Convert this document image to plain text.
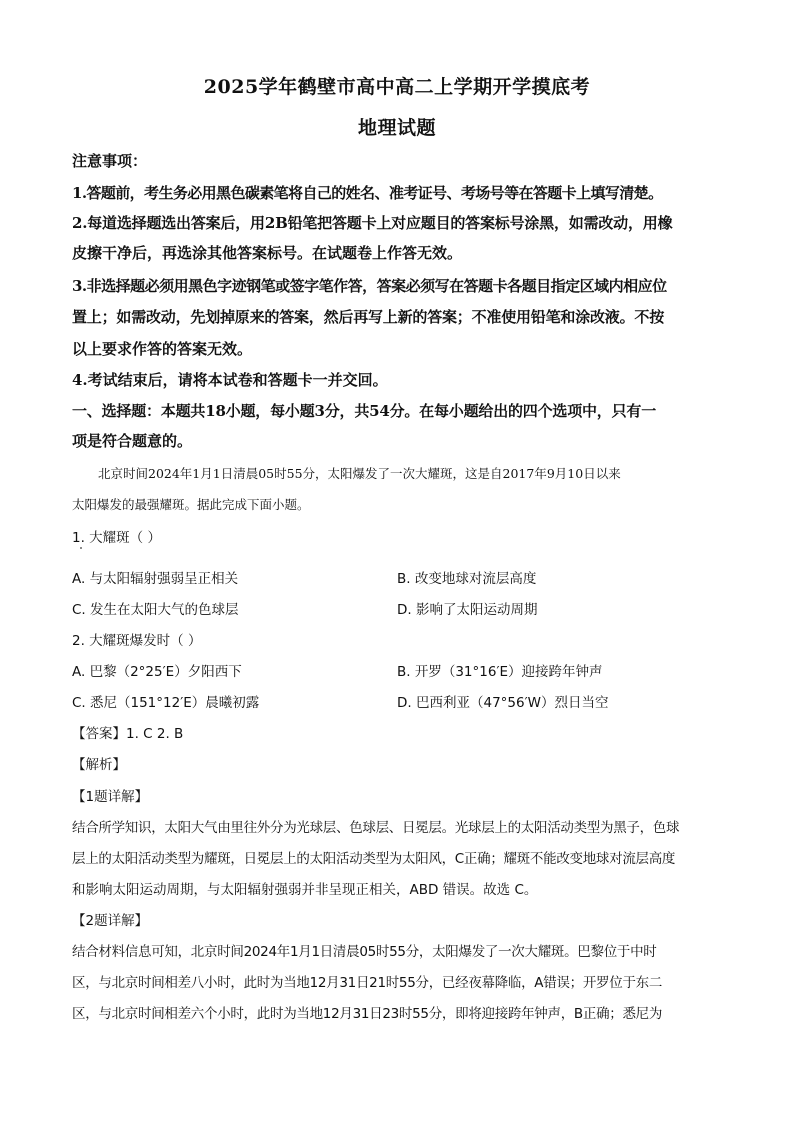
2025学年鹤壁市高中高二上学期开学摸底考
地理试题
注意事项：
1.答题前，考生务必用黑色碳素笔将自己的姓名、准考证号、考场号等在答题卡上填写清楚。
2.每道选择题选出答案后，用2B铅笔把答题卡上对应题目的答案标号涂黑，如需改动，用橡
皮擦干净后，再选涂其他答案标号。在试题卷上作答无效。
3.非选择题必须用黑色字迹钢笔或签字笔作答，答案必须写在答题卡各题目指定区域内相应位
置上；如需改动，先划掉原来的答案，然后再写上新的答案；不准使用铅笔和涂改液。不按
以上要求作答的答案无效。
4.考试结束后，请将本试卷和答题卡一并交回。
一、选择题：本题共18小题，每小题3分，共54分。在每小题给出的四个选项中，只有一
项是符合题意的。
北京时间2024年1月1日清晨05时55分，太阳爆发了一次大耀斑，这是自2017年9月10日以来
太阳爆发的最强耀斑。据此完成下面小题。
1. 大耀斑（ ）
A. 与太阳辐射强弱呈正相关	B. 改变地球对流层高度
C. 发生在太阳大气的色球层	D. 影响了太阳运动周期
2. 大耀斑爆发时（ ）
A. 巴黎（2°25′E）夕阳西下	B. 开罗（31°16′E）迎接跨年钟声
C. 悉尼（151°12′E）晨曦初露	D. 巴西利亚（47°56′W）烈日当空
【答案】1. C 2. B
【解析】
【1题详解】
结合所学知识，太阳大气由里往外分为光球层、色球层、日冕层。光球层上的太阳活动类型为黑子，色球
层上的太阳活动类型为耀斑，日冕层上的太阳活动类型为太阳风，C正确；耀斑不能改变地球对流层高度
和影响太阳运动周期，与太阳辐射强弱并非呈现正相关，ABD 错误。故选 C。
【2题详解】
结合材料信息可知，北京时间2024年1月1日清晨05时55分，太阳爆发了一次大耀斑。巴黎位于中时
区，与北京时间相差八小时，此时为当地12月31日21时55分，已经夜幕降临，A错误；开罗位于东二
区，与北京时间相差六个小时，此时为当地12月31日23时55分，即将迎接跨年钟声，B正确；悉尼为
